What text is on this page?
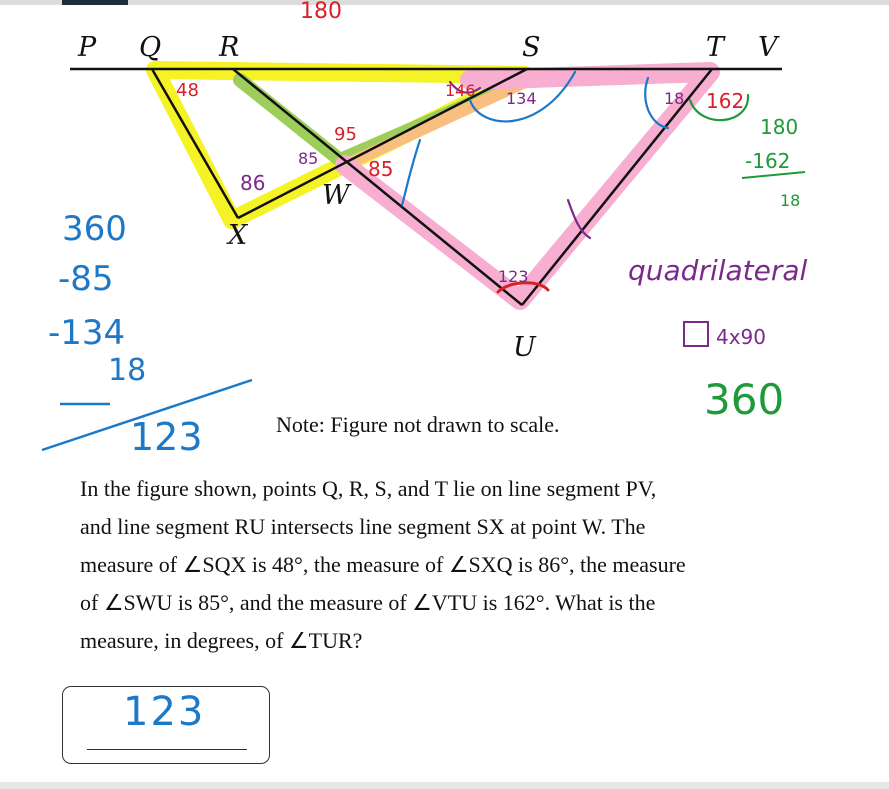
P Q R	S	T V
W
X
U
180
48
86
85
95
85
146 134	18 162
123
180
-162
18
360
-85
-134
18
123
quadrilateral
4x90
360
Note: Figure not drawn to scale.

In the figure shown, points Q, R, S, and T lie on line segment PV,

and line segment RU intersects line segment SX at point W. The

measure of ∠SQX is 48°, the measure of ∠SXQ is 86°, the measure

of ∠SWU is 85°, and the measure of ∠VTU is 162°. What is the

measure, in degrees, of ∠TUR?

123
